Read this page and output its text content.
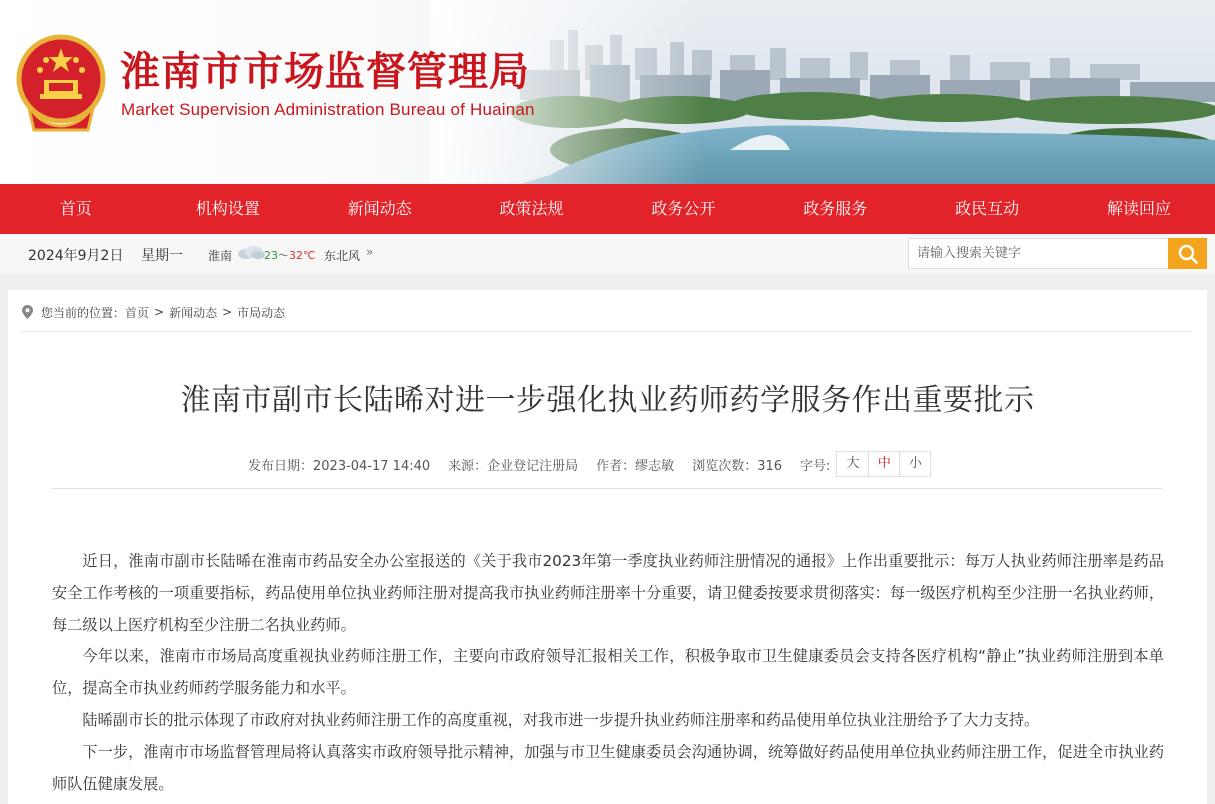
淮南市市场监督管理局
Market Supervision Administration Bureau of Huainan
首页	机构设置	新闻动态	政策法规	政务公开	政务服务	政民互动	解读回应
2024年9月2日 星期一 淮南	23～32℃ 东北风 »
请输入搜索关键字
您当前的位置： 首页 > 新闻动态 > 市局动态
淮南市副市长陆晞对进一步强化执业药师药学服务作出重要批示
发布日期：2023-04-17 14:40 来源：企业登记注册局 作者：缪志敏 浏览次数：316 字号:	大	中	小

近日，淮南市副市长陆晞在淮南市药品安全办公室报送的《关于我市2023年第一季度执业药师注册情况的通报》上作出重要批示：每万人执业药师注册率是药品安全工作考核的一项重要指标，药品使用单位执业药师注册对提高我市执业药师注册率十分重要，请卫健委按要求贯彻落实：每一级医疗机构至少注册一名执业药师，每二级以上医疗机构至少注册二名执业药师。

今年以来，淮南市市场局高度重视执业药师注册工作，主要向市政府领导汇报相关工作，积极争取市卫生健康委员会支持各医疗机构“静止”执业药师注册到本单位，提高全市执业药师药学服务能力和水平。

陆晞副市长的批示体现了市政府对执业药师注册工作的高度重视，对我市进一步提升执业药师注册率和药品使用单位执业注册给予了大力支持。

下一步，淮南市市场监督管理局将认真落实市政府领导批示精神，加强与市卫生健康委员会沟通协调，统筹做好药品使用单位执业药师注册工作，促进全市执业药师队伍健康发展。
